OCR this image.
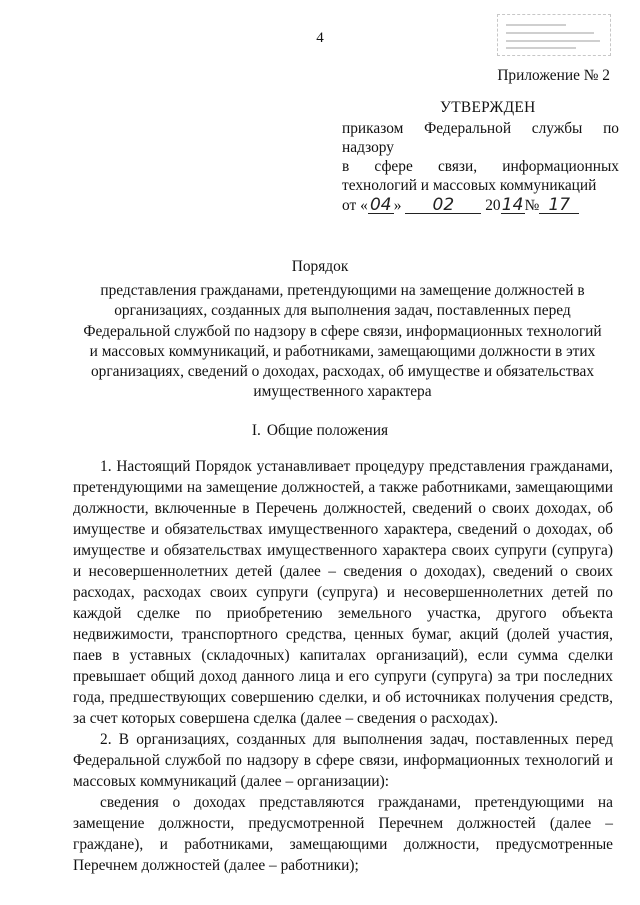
4
Приложение № 2
УТВЕРЖДЕН
приказом Федеральной службы по надзору
в сфере связи, информационных
технологий и массовых коммуникаций
от « 04 » 02 2014№ 17
Порядок
представления гражданами, претендующими на замещение должностей в организациях, созданных для выполнения задач, поставленных перед Федеральной службой по надзору в сфере связи, информационных технологий и массовых коммуникаций, и работниками, замещающими должности в этих организациях, сведений о доходах, расходах, об имуществе и обязательствах имущественного характера
I. Общие положения

1. Настоящий Порядок устанавливает процедуру представления гражданами, претендующими на замещение должностей, а также работниками, замещающими должности, включенные в Перечень должностей, сведений о своих доходах, об имуществе и обязательствах имущественного характера, сведений о доходах, об имуществе и обязательствах имущественного характера своих супруги (супруга) и несовершеннолетних детей (далее – сведения о доходах), сведений о своих расходах, расходах своих супруги (супруга) и несовершеннолетних детей по каждой сделке по приобретению земельного участка, другого объекта недвижимости, транспортного средства, ценных бумаг, акций (долей участия, паев в уставных (складочных) капиталах организаций), если сумма сделки превышает общий доход данного лица и его супруги (супруга) за три последних года, предшествующих совершению сделки, и об источниках получения средств, за счет которых совершена сделка (далее – сведения о расходах).

2. В организациях, созданных для выполнения задач, поставленных перед Федеральной службой по надзору в сфере связи, информационных технологий и массовых коммуникаций (далее – организации):

сведения о доходах представляются гражданами, претендующими на замещение должности, предусмотренной Перечнем должностей (далее – граждане), и работниками, замещающими должности, предусмотренные Перечнем должностей (далее – работники);
